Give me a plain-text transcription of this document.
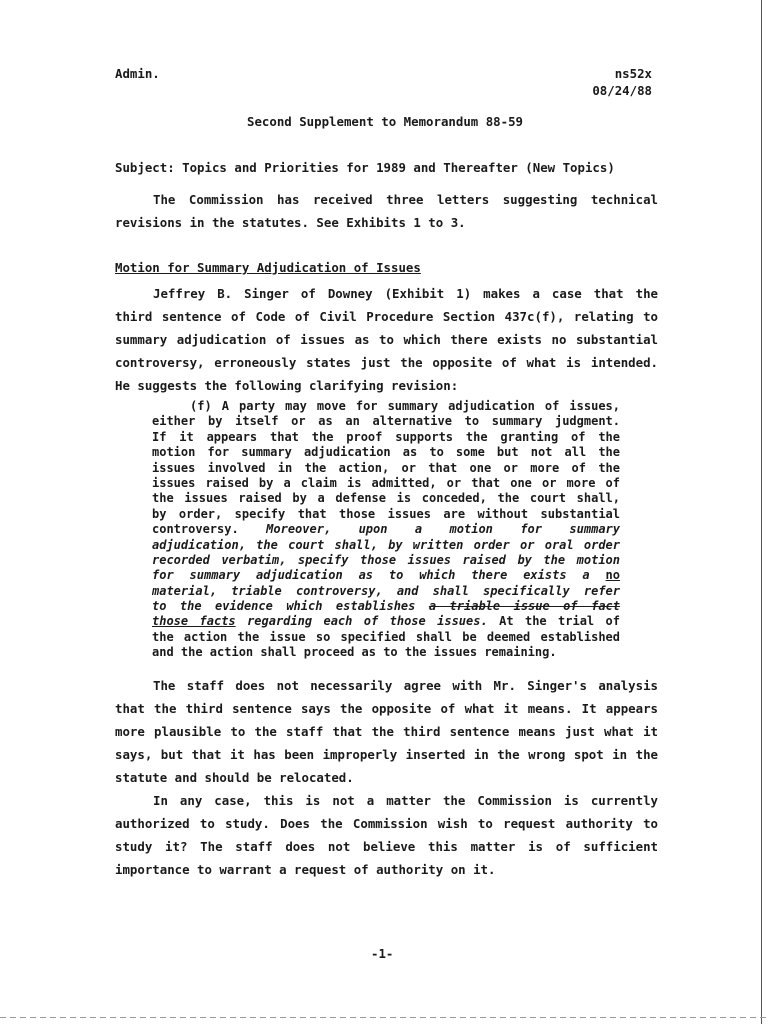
Admin.	ns52x
08/24/88
Second Supplement to Memorandum 88-59
Subject: Topics and Priorities for 1989 and Thereafter (New Topics)
The Commission has received three letters suggesting technical
revisions in the statutes. See Exhibits 1 to 3.
Motion for Summary Adjudication of Issues
Jeffrey B. Singer of Downey (Exhibit 1) makes a case that the
third sentence of Code of Civil Procedure Section 437c(f), relating to
summary adjudication of issues as to which there exists no substantial
controversy, erroneously states just the opposite of what is intended.
He suggests the following clarifying revision:
(f) A party may move for summary adjudication of issues,
either by itself or as an alternative to summary judgment.
If it appears that the proof supports the granting of the
motion for summary adjudication as to some but not all the
issues involved in the action, or that one or more of the
issues raised by a claim is admitted, or that one or more of
the issues raised by a defense is conceded, the court shall,
by order, specify that those issues are without substantial
controversy. Moreover, upon a motion for summary
adjudication, the court shall, by written order or oral order
recorded verbatim, specify those issues raised by the motion
for summary adjudication as to which there exists a no
material, triable controversy, and shall specifically refer
to the evidence which establishes a triable issue of fact
those facts regarding each of those issues. At the trial of
the action the issue so specified shall be deemed established
and the action shall proceed as to the issues remaining.
The staff does not necessarily agree with Mr. Singer's analysis
that the third sentence says the opposite of what it means. It appears
more plausible to the staff that the third sentence means just what it
says, but that it has been improperly inserted in the wrong spot in the
statute and should be relocated.
In any case, this is not a matter the Commission is currently
authorized to study. Does the Commission wish to request authority to
study it? The staff does not believe this matter is of sufficient
importance to warrant a request of authority on it.
-1-
